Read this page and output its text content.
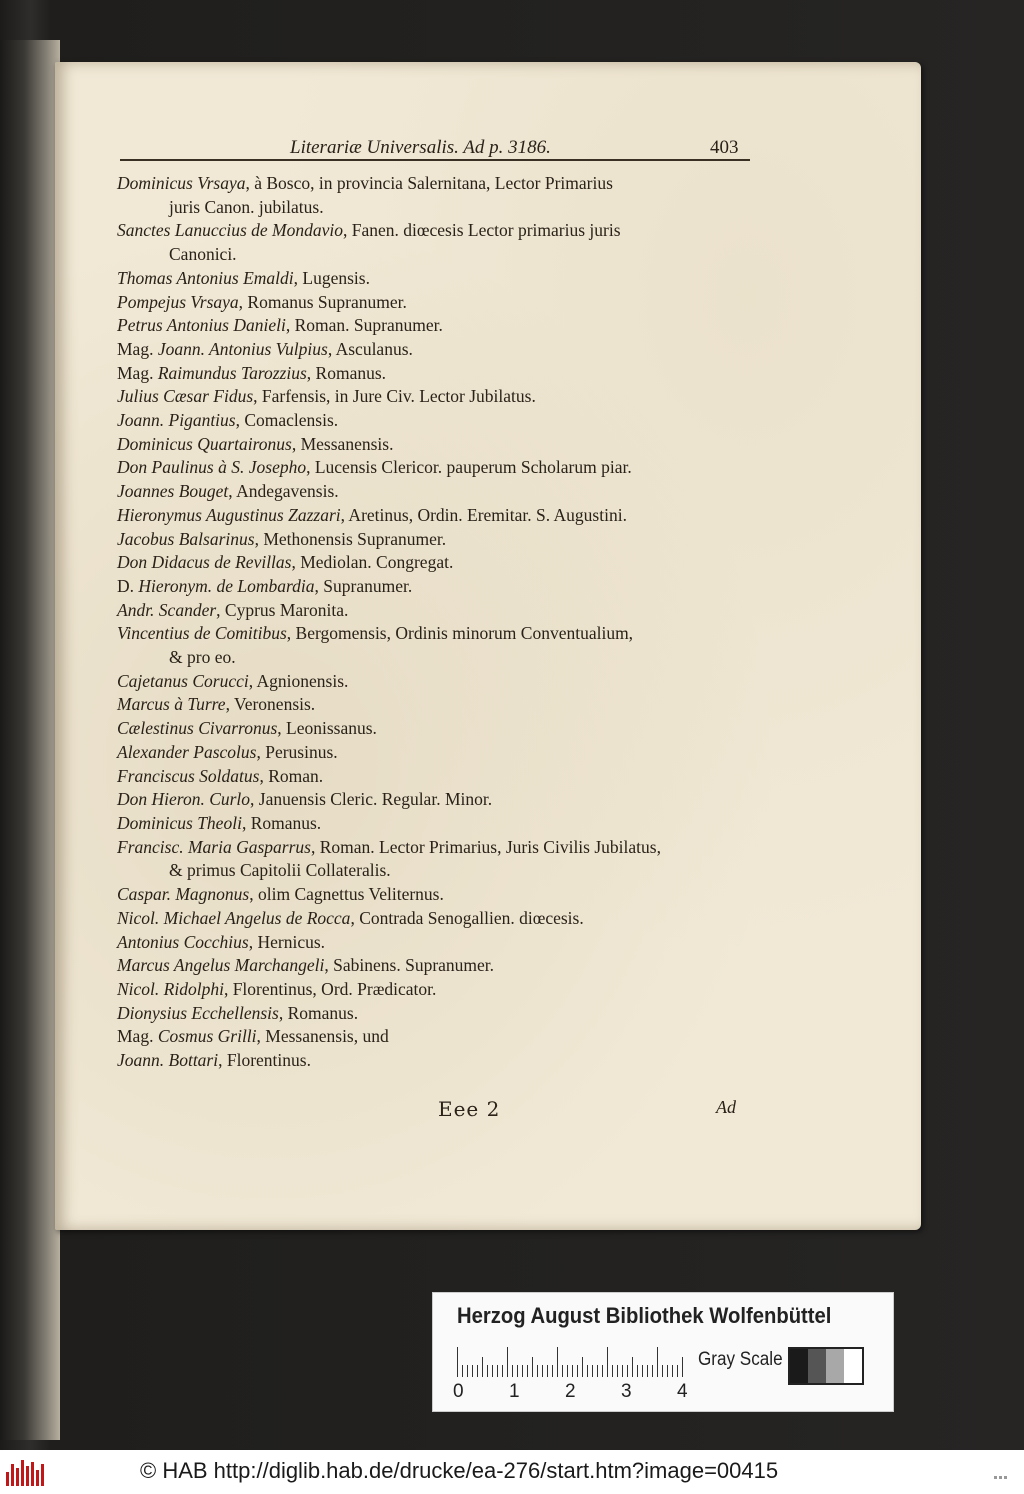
Literariæ Universalis. Ad p. 3186.	403
Dominicus Vrsaya, à Bosco, in provincia Salernitana, Lector Primarius
juris Canon. jubilatus.
Sanctes Lanuccius de Mondavio, Fanen. diœcesis Lector primarius juris
Canonici.
Thomas Antonius Emaldi, Lugensis.
Pompejus Vrsaya, Romanus Supranumer.
Petrus Antonius Danieli, Roman. Supranumer.
Mag. Joann. Antonius Vulpius, Asculanus.
Mag. Raimundus Tarozzius, Romanus.
Julius Cæsar Fidus, Farfensis, in Jure Civ. Lector Jubilatus.
Joann. Pigantius, Comaclensis.
Dominicus Quartaironus, Messanensis.
Don Paulinus à S. Josepho, Lucensis Clericor. pauperum Scholarum piar.
Joannes Bouget, Andegavensis.
Hieronymus Augustinus Zazzari, Aretinus, Ordin. Eremitar. S. Augustini.
Jacobus Balsarinus, Methonensis Supranumer.
Don Didacus de Revillas, Mediolan. Congregat.
D. Hieronym. de Lombardia, Supranumer.
Andr. Scander, Cyprus Maronita.
Vincentius de Comitibus, Bergomensis, Ordinis minorum Conventualium,
& pro eo.
Cajetanus Corucci, Agnionensis.
Marcus à Turre, Veronensis.
Cælestinus Civarronus, Leonissanus.
Alexander Pascolus, Perusinus.
Franciscus Soldatus, Roman.
Don Hieron. Curlo, Januensis Cleric. Regular. Minor.
Dominicus Theoli, Romanus.
Francisc. Maria Gasparrus, Roman. Lector Primarius, Juris Civilis Jubilatus,
& primus Capitolii Collateralis.
Caspar. Magnonus, olim Cagnettus Veliternus.
Nicol. Michael Angelus de Rocca, Contrada Senogallien. diœcesis.
Antonius Cocchius, Hernicus.
Marcus Angelus Marchangeli, Sabinens. Supranumer.
Nicol. Ridolphi, Florentinus, Ord. Prædicator.
Dionysius Ecchellensis, Romanus.
Mag. Cosmus Grilli, Messanensis, und
Joann. Bottari, Florentinus.
Eee 2	Ad
Herzog August Bibliothek Wolfenbüttel
0 1 2 3 4
Gray Scale
© HAB http://diglib.hab.de/drucke/ea-276/start.htm?image=00415
